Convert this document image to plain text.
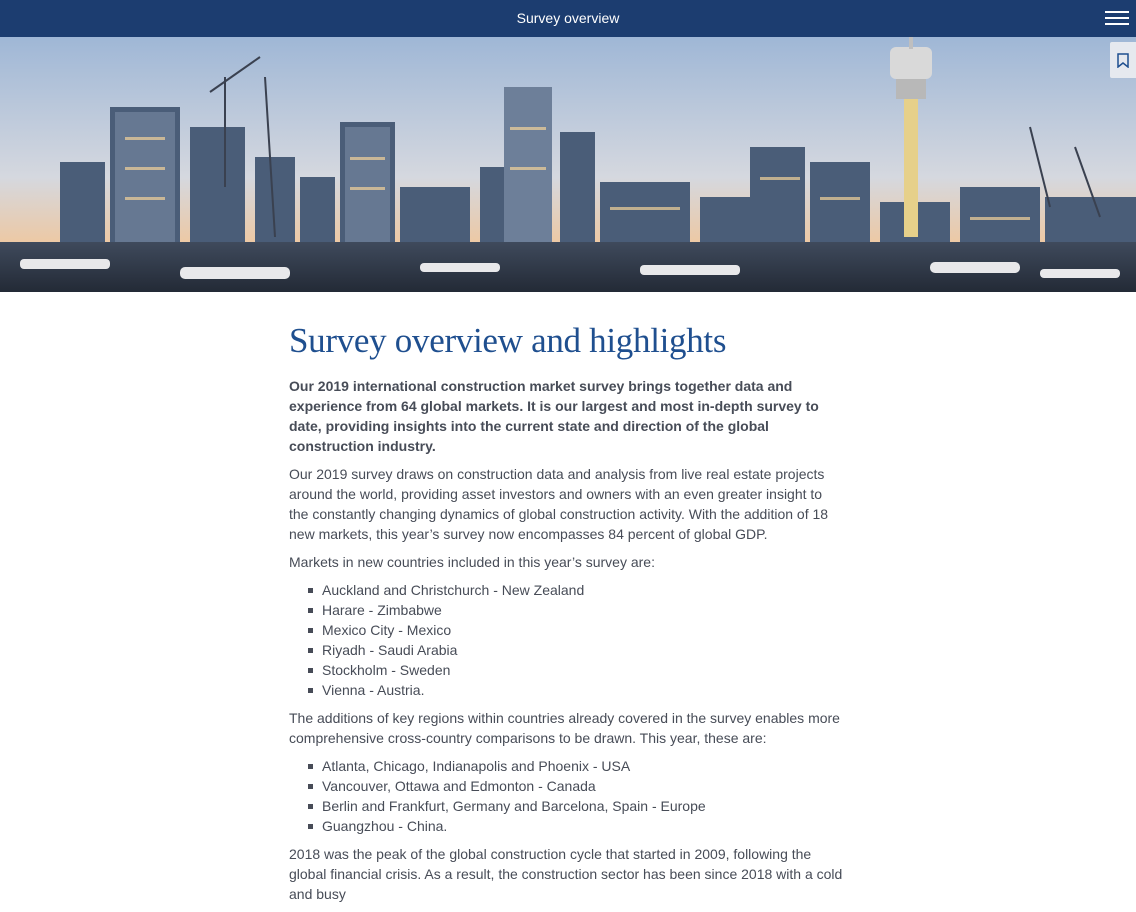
Survey overview
Survey overview and highlights

Our 2019 international construction market survey brings together data and experience from 64 global markets. It is our largest and most in-depth survey to date, providing insights into the current state and direction of the global construction industry.

Our 2019 survey draws on construction data and analysis from live real estate projects around the world, providing asset investors and owners with an even greater insight to the constantly changing dynamics of global construction activity. With the addition of 18 new markets, this year’s survey now encompasses 84 percent of global GDP.

Markets in new countries included in this year’s survey are:

Auckland and Christchurch - New Zealand
Harare - Zimbabwe
Mexico City - Mexico
Riyadh - Saudi Arabia
Stockholm - Sweden
Vienna - Austria.

The additions of key regions within countries already covered in the survey enables more comprehensive cross-country comparisons to be drawn. This year, these are:

Atlanta, Chicago, Indianapolis and Phoenix - USA
Vancouver, Ottawa and Edmonton - Canada
Berlin and Frankfurt, Germany and Barcelona, Spain - Europe
Guangzhou - China.

2018 was the peak of the global construction cycle that started in 2009, following the global financial crisis. As a result, the construction sector has been since 2018 with a cold and busy
